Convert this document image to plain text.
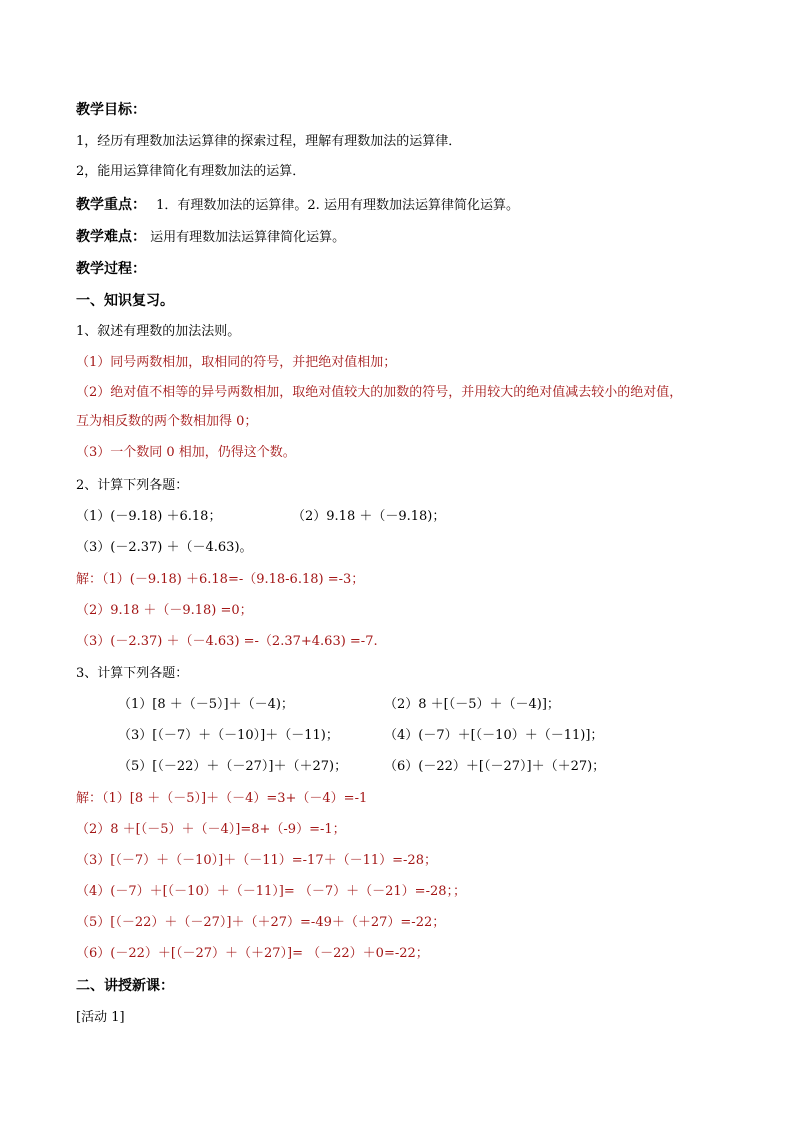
教学目标：
1，经历有理数加法运算律的探索过程，理解有理数加法的运算律．
2，能用运算律简化有理数加法的运算．
教学重点： 1．有理数加法的运算律。2. 运用有理数加法运算律简化运算。
教学难点： 运用有理数加法运算律简化运算。
教学过程：
一、知识复习。
1、叙述有理数的加法法则。
（1）同号两数相加，取相同的符号，并把绝对值相加；
（2）绝对值不相等的异号两数相加，取绝对值较大的加数的符号，并用较大的绝对值减去较小的绝对值，
互为相反数的两个数相加得 0；
（3）一个数同 0 相加，仍得这个数。
2、计算下列各题：
（1）(－9.18) ＋6.18；	（2）9.18 ＋（－9.18)；
（3）(－2.37) ＋（－4.63)。
解：（1）(－9.18) ＋6.18=-（9.18-6.18) =-3；
（2）9.18 ＋（－9.18) =0；
（3）(－2.37) ＋（－4.63) =-（2.37+4.63) =-7.
3、计算下列各题：
（1）[8 ＋（－5）]＋（－4)；	（2）8 ＋[（－5）＋（－4)]；
（3）[（－7）＋（－10）]＋（－11)；	（4）(－7）＋[（－10）＋（－11)]；
（5）[（－22）＋（－27）]＋（＋27)；	（6）(－22）＋[（－27）]＋（＋27)；
解：（1）[8 ＋（－5）]＋（－4）=3+（－4）=-1
（2）8 ＋[（－5）＋（－4）]=8+（-9）=-1；
（3）[（－7）＋（－10）]＋（－11）=-17＋（－11）=-28；
（4）(－7）＋[（－10）＋（－11）]= （－7）＋（－21）=-28；；
（5）[（－22）＋（－27）]＋（＋27）=-49＋（＋27）=-22；
（6）(－22）＋[（－27）＋（＋27）]= （－22）＋0=-22；
二、讲授新课：
[活动 1]
